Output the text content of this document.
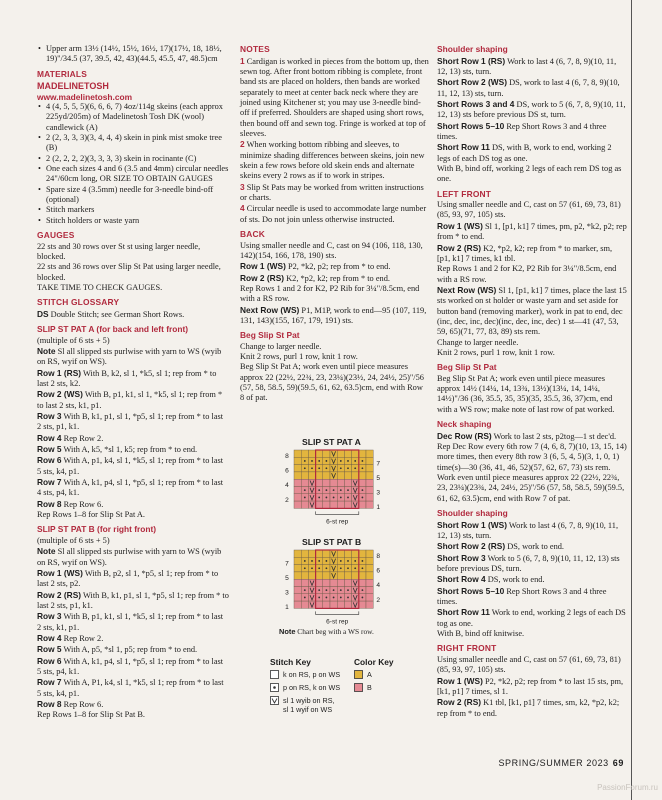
• Upper arm 13½ (14½, 15½, 16½, 17)(17½, 18, 18½, 19)"/34.5 (37, 39.5, 42, 43)(44.5, 45.5, 47, 48.5)cm

MATERIALS
MADELINETOSH
www.madelinetosh.com

• 4 (4, 5, 5, 5)(6, 6, 6, 7) 4oz/114g skeins (each approx 225yd/205m) of Madelinetosh Tosh DK (wool) candlewick (A)

• 2 (2, 3, 3, 3)(3, 4, 4, 4) skein in pink mist smoke tree (B)

• 2 (2, 2, 2, 2)(3, 3, 3, 3) skein in rocinante (C)

• One each sizes 4 and 6 (3.5 and 4mm) circular needles 24"/60cm long, OR SIZE TO OBTAIN GAUGES

• Spare size 4 (3.5mm) needle for 3-needle bind-off (optional)

• Stitch markers

• Stitch holders or waste yarn

GAUGES

22 sts and 30 rows over St st using larger needle, blocked.

22 sts and 36 rows over Slip St Pat using larger needle, blocked.

TAKE TIME TO CHECK GAUGES.

STITCH GLOSSARY

DS Double Stitch; see German Short Rows.

SLIP ST PAT A (for back and left front)

(multiple of 6 sts + 5)

Note Sl all slipped sts purlwise with yarn to WS (wyib on RS, wyif on WS).

Row 1 (RS) With B, k2, sl 1, *k5, sl 1; rep from * to last 2 sts, k2.

Row 2 (WS) With B, p1, k1, sl 1, *k5, sl 1; rep from * to last 2 sts, k1, p1.

Row 3 With B, k1, p1, sl 1, *p5, sl 1; rep from * to last 2 sts, p1, k1.

Row 4 Rep Row 2.

Row 5 With A, k5, *sl 1, k5; rep from * to end.

Row 6 With A, p1, k4, sl 1, *k5, sl 1; rep from * to last 5 sts, k4, p1.

Row 7 With A, k1, p4, sl 1, *p5, sl 1; rep from * to last 4 sts, p4, k1.

Row 8 Rep Row 6.

Rep Rows 1–8 for Slip St Pat A.

SLIP ST PAT B (for right front)

(multiple of 6 sts + 5)

Note Sl all slipped sts purlwise with yarn to WS (wyib on RS, wyif on WS).

Row 1 (WS) With B, p2, sl 1, *p5, sl 1; rep from * to last 2 sts, p2.

Row 2 (RS) With B, k1, p1, sl 1, *p5, sl 1; rep from * to last 2 sts, p1, k1.

Row 3 With B, p1, k1, sl 1, *k5, sl 1; rep from * to last 2 sts, k1, p1.

Row 4 Rep Row 2.

Row 5 With A, p5, *sl 1, p5; rep from * to end.

Row 6 With A, k1, p4, sl 1, *p5, sl 1; rep from * to last 5 sts, p4, k1.

Row 7 With A, P1, k4, sl 1, *k5, sl 1; rep from * to last 5 sts, k4, p1.

Row 8 Rep Row 6.

Rep Rows 1–8 for Slip St Pat B.

NOTES

1 Cardigan is worked in pieces from the bottom up, then sewn tog. After front bottom ribbing is complete, front band sts are placed on holders, then bands are worked separately to meet at center back neck where they are joined using Kitchener st; you may use 3-needle bind-off if preferred. Shoulders are shaped using short rows, then bound off and sewn tog. Fringe is worked at top of sleeves.

2 When working bottom ribbing and sleeves, to minimize shading differences between skeins, join new skein a few rows before old skein ends and alternate skeins every 2 rows as if to work in stripes.

3 Slip St Pats may be worked from written instructions or charts.

4 Circular needle is used to accommodate large number of sts. Do not join unless otherwise instructed.

BACK

Using smaller needle and C, cast on 94 (106, 118, 130, 142)(154, 166, 178, 190) sts.

Row 1 (WS) P2, *k2, p2; rep from * to end.

Row 2 (RS) K2, *p2, k2; rep from * to end.

Rep Rows 1 and 2 for K2, P2 Rib for 3¼"/8.5cm, end with a RS row.

Next Row (WS) P1, M1P, work to end—95 (107, 119, 131, 143)(155, 167, 179, 191) sts.

Beg Slip St Pat

Change to larger needle.

Knit 2 rows, purl 1 row, knit 1 row.

Beg Slip St Pat A; work even until piece measures approx 22 (22½, 22¾, 23, 23¼)(23½, 24, 24½, 25)"/56 (57, 58, 58.5, 59)(59.5, 61, 62, 63.5)cm, end with Row 8 of pat.

SLIP ST PAT A
8
6
4
2
7
5
3
1
6-st rep
SLIP ST PAT B
7
5
3
1
8
6
4
2
6-st rep
Note Chart beg with a WS row.
Stitch Key
k on RS, p on WS
p on RS, k on WS
sl 1 wyib on RS,
sl 1 wyif on WS
Color Key
A
B
Shoulder shaping

Short Row 1 (RS) Work to last 4 (6, 7, 8, 9)(10, 11, 12, 13) sts, turn.

Short Row 2 (WS) DS, work to last 4 (6, 7, 8, 9)(10, 11, 12, 13) sts, turn.

Short Rows 3 and 4 DS, work to 5 (6, 7, 8, 9)(10, 11, 12, 13) sts before previous DS st, turn.

Short Rows 5–10 Rep Short Rows 3 and 4 three times.

Short Row 11 DS, with B, work to end, working 2 legs of each DS tog as one.

With B, bind off, working 2 legs of each rem DS tog as one.

LEFT FRONT

Using smaller needle and C, cast on 57 (61, 69, 73, 81)(85, 93, 97, 105) sts.

Row 1 (WS) Sl 1, [p1, k1] 7 times, pm, p2, *k2, p2; rep from * to end.

Row 2 (RS) K2, *p2, k2; rep from * to marker, sm, [p1, k1] 7 times, k1 tbl.

Rep Rows 1 and 2 for K2, P2 Rib for 3¼"/8.5cm, end with a RS row.

Next Row (WS) Sl 1, [p1, k1] 7 times, place the last 15 sts worked on st holder or waste yarn and set aside for button band (removing marker), work in pat to end, dec (inc, dec, inc, dec)(inc, dec, inc, dec) 1 st—41 (47, 53, 59, 65)(71, 77, 83, 89) sts rem.

Change to larger needle.

Knit 2 rows, purl 1 row, knit 1 row.

Beg Slip St Pat

Beg Slip St Pat A; work even until piece measures approx 14½ (14¼, 14, 13¾, 13½)(13¼, 14, 14¼, 14½)"/36 (36, 35.5, 35, 35)(35, 35.5, 36, 37)cm, end with a WS row; make note of last row of pat worked.

Neck shaping

Dec Row (RS) Work to last 2 sts, p2tog—1 st dec'd. Rep Dec Row every 6th row 7 (4, 6, 8, 7)(10, 13, 15, 14) more times, then every 8th row 3 (6, 5, 4, 5)(3, 1, 0, 1) time(s)—30 (36, 41, 46, 52)(57, 62, 67, 73) sts rem.

Work even until piece measures approx 22 (22½, 22¾, 23, 23¼)(23¾, 24, 24½, 25)"/56 (57, 58, 58.5, 59)(59.5, 61, 62, 63.5)cm, end with Row 7 of pat.

Shoulder shaping

Short Row 1 (WS) Work to last 4 (6, 7, 8, 9)(10, 11, 12, 13) sts, turn.

Short Row 2 (RS) DS, work to end.

Short Row 3 Work to 5 (6, 7, 8, 9)(10, 11, 12, 13) sts before previous DS, turn.

Short Row 4 DS, work to end.

Short Rows 5–10 Rep Short Rows 3 and 4 three times.

Short Row 11 Work to end, working 2 legs of each DS tog as one.

With B, bind off knitwise.

RIGHT FRONT

Using smaller needle and C, cast on 57 (61, 69, 73, 81)(85, 93, 97, 105) sts.

Row 1 (WS) P2, *k2, p2; rep from * to last 15 sts, pm, [k1, p1] 7 times, sl 1.

Row 2 (RS) K1 tbl, [k1, p1] 7 times, sm, k2, *p2, k2; rep from * to end.

SPRING/SUMMER 2023 69
PassionForum.ru
